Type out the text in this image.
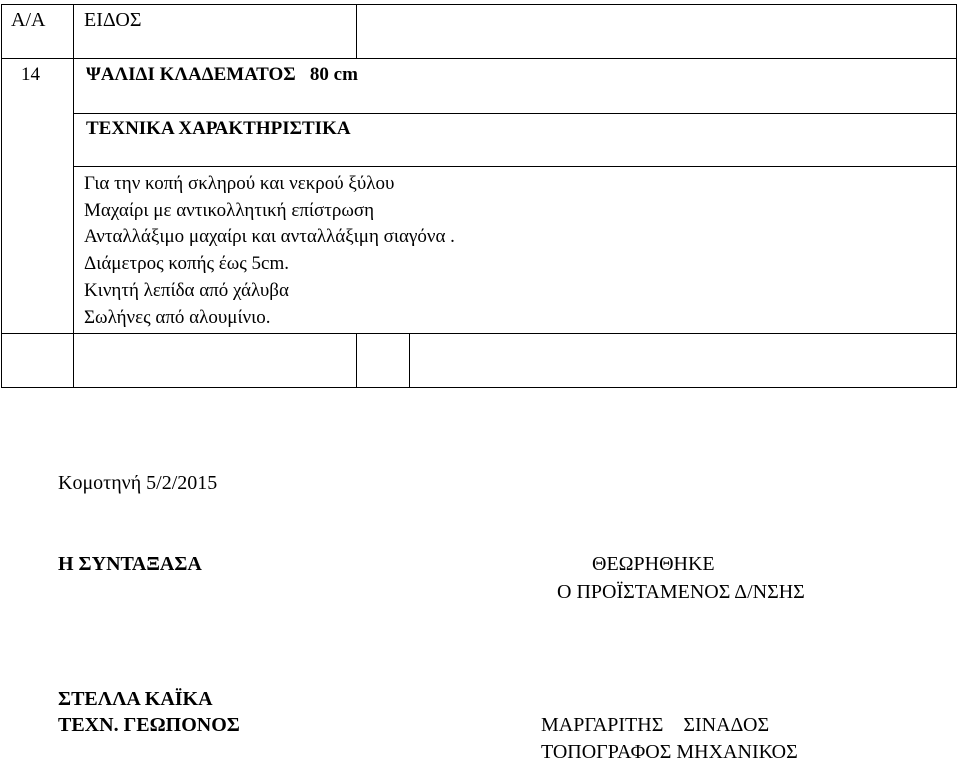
Α/Α ΕΙΔΟΣ
14 ΨΑΛΙΔΙ ΚΛΑΔΕΜΑΤΟΣ   80 cm
ΤΕΧΝΙΚΑ ΧΑΡΑΚΤΗΡΙΣΤΙΚΑ
Για την κοπή σκληρού και νεκρού ξύλου
Μαχαίρι με αντικολλητική επίστρωση
Ανταλλάξιμο μαχαίρι και ανταλλάξιμη σιαγόνα .
Διάμετρος κοπής έως 5cm.
Κινητή λεπίδα από χάλυβα
Σωλήνες από αλουμίνιο.
Κομοτηνή 5/2/2015
Η ΣΥΝΤΑΞΑΣΑ	ΘΕΩΡΗΘΗΚΕ
Ο ΠΡΟΪΣΤΑΜΕΝΟΣ Δ/ΝΣΗΣ
ΣΤΕΛΛΑ ΚΑΪΚΑ
ΤΕΧΝ. ΓΕΩΠΟΝΟΣ	ΜΑΡΓΑΡΙΤΗΣ    ΣΙΝΑΔΟΣ
ΤΟΠΟΓΡΑΦΟΣ ΜΗΧΑΝΙΚΟΣ
